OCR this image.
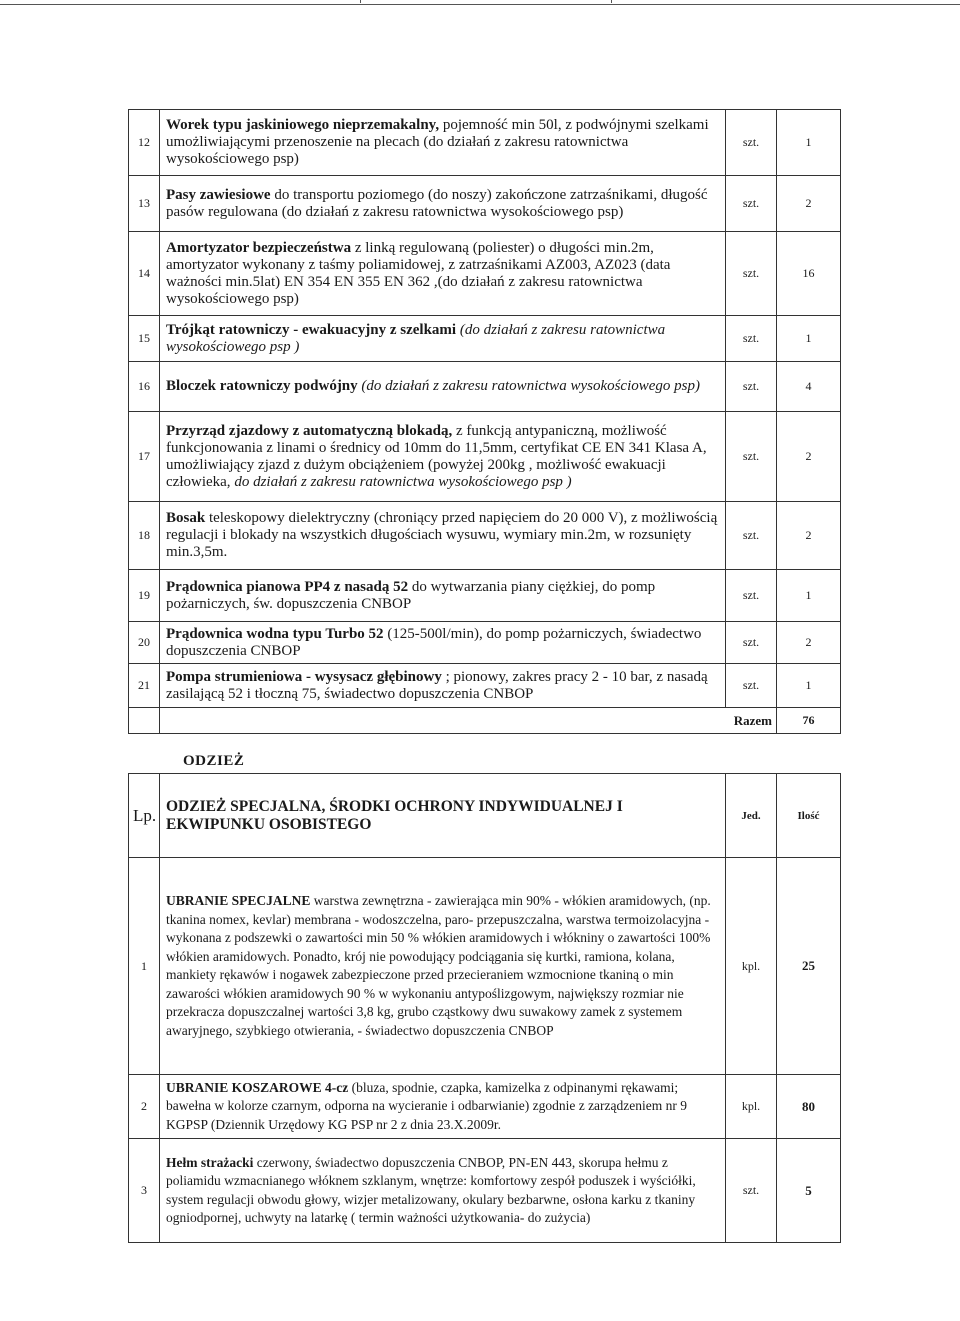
12	Worek typu jaskiniowego nieprzemakalny, pojemność min 50l, z podwójnymi szelkami umożliwiającymi przenoszenie na plecach (do działań z zakresu ratownictwa wysokościowego psp)	szt.	1
13	Pasy zawiesiowe do transportu poziomego (do noszy) zakończone zatrzaśnikami, długość pasów regulowana (do działań z zakresu ratownictwa wysokościowego psp)	szt.	2
14	Amortyzator bezpieczeństwa z linką regulowaną (poliester) o długości min.2m, amortyzator wykonany z taśmy poliamidowej, z zatrzaśnikami AZ003, AZ023 (data ważności min.5lat) EN 354 EN 355 EN 362 ,(do działań z zakresu ratownictwa wysokościowego psp)	szt.	16
15	Trójkąt ratowniczy - ewakuacyjny z szelkami (do działań z zakresu ratownictwa wysokościowego psp )	szt.	1
16	Bloczek ratowniczy podwójny (do działań z zakresu ratownictwa wysokościowego psp)	szt.	4
17	Przyrząd zjazdowy z automatyczną blokadą, z funkcją antypaniczną, możliwość funkcjonowania z linami o średnicy od 10mm do 11,5mm, certyfikat CE EN 341 Klasa A, umożliwiający zjazd z dużym obciążeniem (powyżej 200kg , możliwość ewakuacji człowieka, do działań z zakresu ratownictwa wysokościowego psp )	szt.	2
18	Bosak teleskopowy dielektryczny (chroniący przed napięciem do 20 000 V), z możliwością regulacji i blokady na wszystkich długościach wysuwu, wymiary min.2m, w rozsunięty min.3,5m.	szt.	2
19	Prądownica pianowa PP4 z nasadą 52 do wytwarzania piany ciężkiej, do pomp pożarniczych, św. dopuszczenia CNBOP	szt.	1
20	Prądownica wodna typu Turbo 52 (125-500l/min), do pomp pożarniczych, świadectwo dopuszczenia CNBOP	szt.	2
21	Pompa strumieniowa - wysysacz głębinowy ; pionowy, zakres pracy 2 - 10 bar, z nasadą zasilającą 52 i tłoczną 75, świadectwo dopuszczenia CNBOP	szt.	1
	Razem		76
ODZIEŻ
Lp.	ODZIEŻ SPECJALNA, ŚRODKI OCHRONY INDYWIDUALNEJ I EKWIPUNKU OSOBISTEGO	Jed.	Ilość
1	UBRANIE SPECJALNE warstwa zewnętrzna - zawierająca min 90% - włókien aramidowych, (np. tkanina nomex, kevlar) membrana - wodoszczelna, paro- przepuszczalna, warstwa termoizolacyjna - wykonana z podszewki o zawartości min 50 % włókien aramidowych i włókniny o zawartości 100% włókien aramidowych. Ponadto, krój nie powodujący podciągania się kurtki, ramiona, kolana, mankiety rękawów i nogawek zabezpieczone przed przecieraniem wzmocnione tkaniną o min zawarości włókien aramidowych 90 % w wykonaniu antypoślizgowym, największy rozmiar nie przekracza dopuszczalnej wartości 3,8 kg, grubo cząstkowy dwu suwakowy zamek z systemem awaryjnego, szybkiego otwierania, - świadectwo dopuszczenia CNBOP	kpl.	25
2	UBRANIE KOSZAROWE 4-cz (bluza, spodnie, czapka, kamizelka z odpinanymi rękawami; bawełna w kolorze czarnym, odporna na wycieranie i odbarwianie) zgodnie z zarządzeniem nr 9 KGPSP (Dziennik Urzędowy KG PSP nr 2 z dnia 23.X.2009r.	kpl.	80
3	Hełm strażacki czerwony, świadectwo dopuszczenia CNBOP, PN-EN 443, skorupa hełmu z poliamidu wzmacnianego włóknem szklanym, wnętrze: komfortowy zespół poduszek i wyściółki, system regulacji obwodu głowy, wizjer metalizowany, okulary bezbarwne, osłona karku z tkaniny ogniodpornej, uchwyty na latarkę ( termin ważności użytkowania- do zużycia)	szt.	5
